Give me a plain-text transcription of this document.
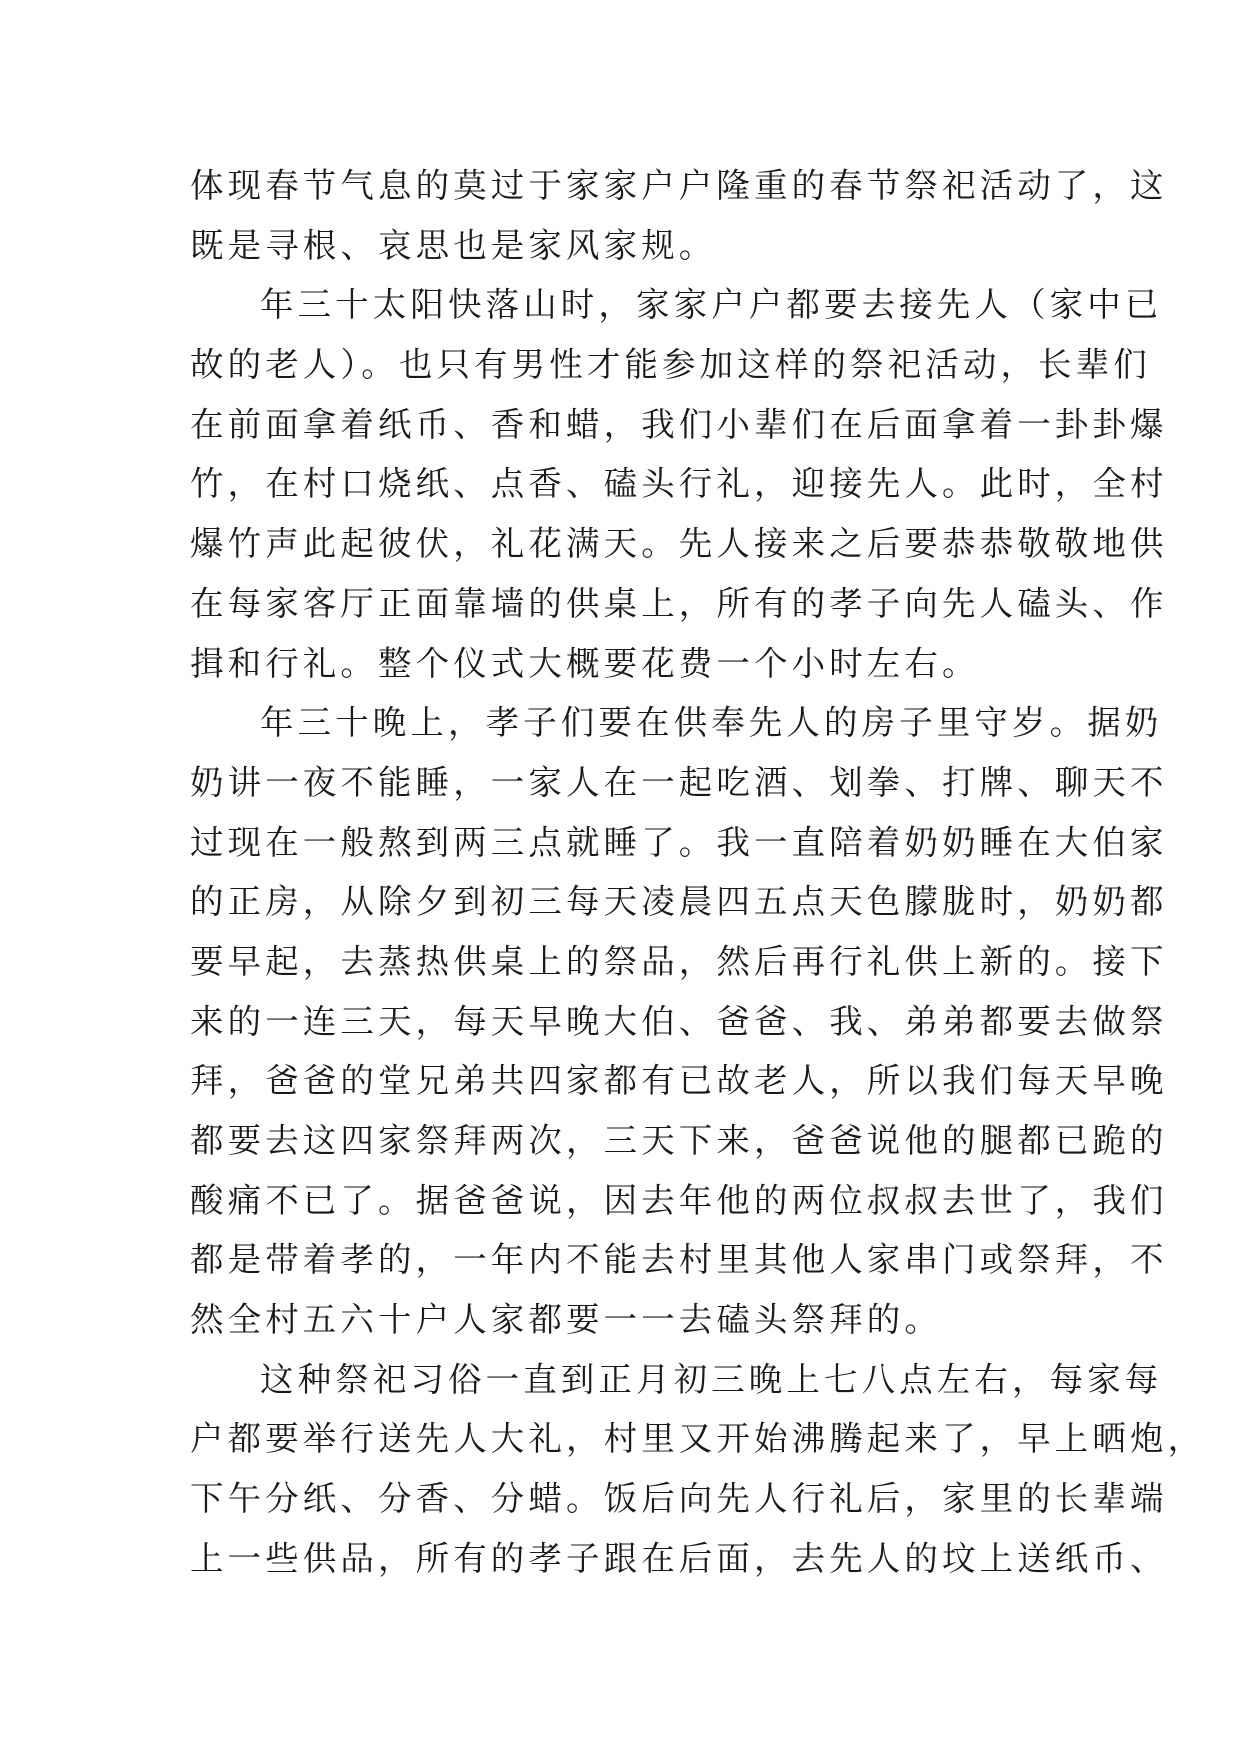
体现春节气息的莫过于家家户户隆重的春节祭祀活动了，这
既是寻根、哀思也是家风家规。
年三十太阳快落山时，家家户户都要去接先人（家中已
故的老人）。也只有男性才能参加这样的祭祀活动，长辈们
在前面拿着纸币、香和蜡，我们小辈们在后面拿着一卦卦爆
竹，在村口烧纸、点香、磕头行礼，迎接先人。此时，全村
爆竹声此起彼伏，礼花满天。先人接来之后要恭恭敬敬地供
在每家客厅正面靠墙的供桌上，所有的孝子向先人磕头、作
揖和行礼。整个仪式大概要花费一个小时左右。
年三十晚上，孝子们要在供奉先人的房子里守岁。据奶
奶讲一夜不能睡，一家人在一起吃酒、划拳、打牌、聊天不
过现在一般熬到两三点就睡了。我一直陪着奶奶睡在大伯家
的正房，从除夕到初三每天凌晨四五点天色朦胧时，奶奶都
要早起，去蒸热供桌上的祭品，然后再行礼供上新的。接下
来的一连三天，每天早晚大伯、爸爸、我、弟弟都要去做祭
拜，爸爸的堂兄弟共四家都有已故老人，所以我们每天早晚
都要去这四家祭拜两次，三天下来，爸爸说他的腿都已跪的
酸痛不已了。据爸爸说，因去年他的两位叔叔去世了，我们
都是带着孝的，一年内不能去村里其他人家串门或祭拜，不
然全村五六十户人家都要一一去磕头祭拜的。
这种祭祀习俗一直到正月初三晚上七八点左右，每家每
户都要举行送先人大礼，村里又开始沸腾起来了，早上晒炮，
下午分纸、分香、分蜡。饭后向先人行礼后，家里的长辈端
上一些供品，所有的孝子跟在后面，去先人的坟上送纸币、
